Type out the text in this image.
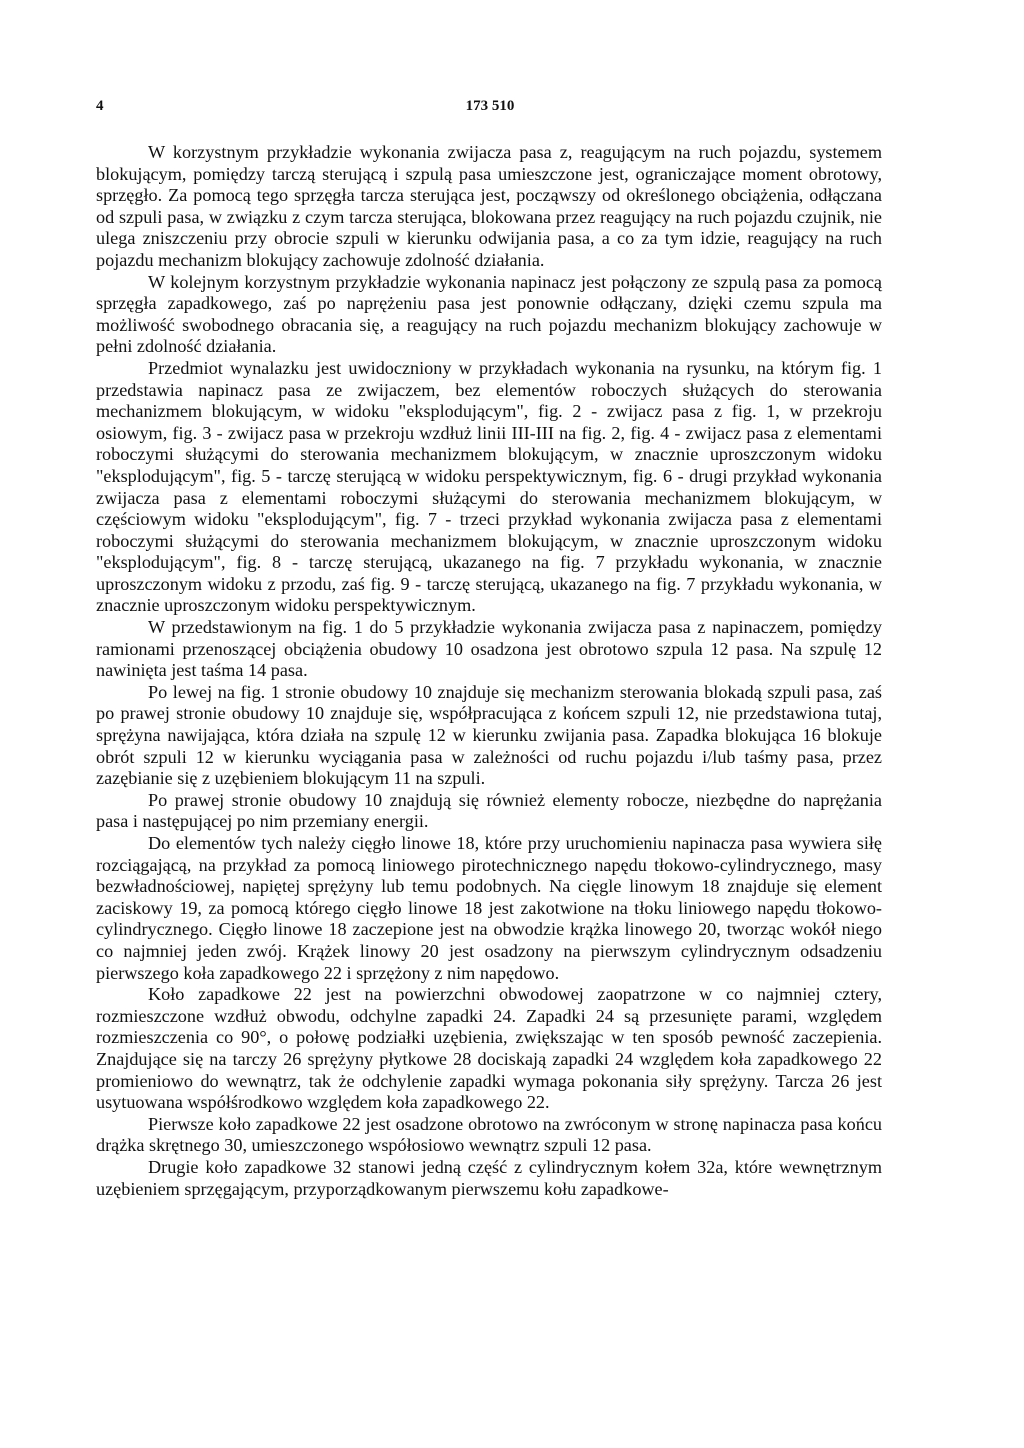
4	173 510

W korzystnym przykładzie wykonania zwijacza pasa z, reagującym na ruch pojazdu, systemem blokującym, pomiędzy tarczą sterującą i szpulą pasa umieszczone jest, ograniczające moment obrotowy, sprzęgło. Za pomocą tego sprzęgła tarcza sterująca jest, począwszy od określonego obciążenia, odłączana od szpuli pasa, w związku z czym tarcza sterująca, blokowana przez reagujący na ruch pojazdu czujnik, nie ulega zniszczeniu przy obrocie szpuli w kierunku odwijania pasa, a co za tym idzie, reagujący na ruch pojazdu mechanizm blokujący zachowuje zdolność działania.

W kolejnym korzystnym przykładzie wykonania napinacz jest połączony ze szpulą pasa za pomocą sprzęgła zapadkowego, zaś po naprężeniu pasa jest ponownie odłączany, dzięki czemu szpula ma możliwość swobodnego obracania się, a reagujący na ruch pojazdu mechanizm blokujący zachowuje w pełni zdolność działania.

Przedmiot wynalazku jest uwidoczniony w przykładach wykonania na rysunku, na którym fig. 1 przedstawia napinacz pasa ze zwijaczem, bez elementów roboczych służących do sterowania mechanizmem blokującym, w widoku "eksplodującym", fig. 2 - zwijacz pasa z fig. 1, w przekroju osiowym, fig. 3 - zwijacz pasa w przekroju wzdłuż linii III-III na fig. 2, fig. 4 - zwijacz pasa z elementami roboczymi służącymi do sterowania mechanizmem blokującym, w znacznie uproszczonym widoku "eksplodującym", fig. 5 - tarczę sterującą w widoku perspektywicznym, fig. 6 - drugi przykład wykonania zwijacza pasa z elementami roboczymi służącymi do sterowania mechanizmem blokującym, w częściowym widoku "eksplodującym", fig. 7 - trzeci przykład wykonania zwijacza pasa z elementami roboczymi służącymi do sterowania mechanizmem blokującym, w znacznie uproszczonym widoku "eksplodującym", fig. 8 - tarczę sterującą, ukazanego na fig. 7 przykładu wykonania, w znacznie uproszczonym widoku z przodu, zaś fig. 9 - tarczę sterującą, ukazanego na fig. 7 przykładu wykonania, w znacznie uproszczonym widoku perspektywicznym.

W przedstawionym na fig. 1 do 5 przykładzie wykonania zwijacza pasa z napinaczem, pomiędzy ramionami przenoszącej obciążenia obudowy 10 osadzona jest obrotowo szpula 12 pasa. Na szpulę 12 nawinięta jest taśma 14 pasa.

Po lewej na fig. 1 stronie obudowy 10 znajduje się mechanizm sterowania blokadą szpuli pasa, zaś po prawej stronie obudowy 10 znajduje się, współpracująca z końcem szpuli 12, nie przedstawiona tutaj, sprężyna nawijająca, która działa na szpulę 12 w kierunku zwijania pasa. Zapadka blokująca 16 blokuje obrót szpuli 12 w kierunku wyciągania pasa w zależności od ruchu pojazdu i/lub taśmy pasa, przez zazębianie się z uzębieniem blokującym 11 na szpuli.

Po prawej stronie obudowy 10 znajdują się również elementy robocze, niezbędne do naprężania pasa i następującej po nim przemiany energii.

Do elementów tych należy cięgło linowe 18, które przy uruchomieniu napinacza pasa wywiera siłę rozciągającą, na przykład za pomocą liniowego pirotechnicznego napędu tłokowo-cylindrycznego, masy bezwładnościowej, napiętej sprężyny lub temu podobnych. Na cięgle linowym 18 znajduje się element zaciskowy 19, za pomocą którego cięgło linowe 18 jest zakotwione na tłoku liniowego napędu tłokowo-cylindrycznego. Cięgło linowe 18 zaczepione jest na obwodzie krążka linowego 20, tworząc wokół niego co najmniej jeden zwój. Krążek linowy 20 jest osadzony na pierwszym cylindrycznym odsadzeniu pierwszego koła zapadkowego 22 i sprzężony z nim napędowo.

Koło zapadkowe 22 jest na powierzchni obwodowej zaopatrzone w co najmniej cztery, rozmieszczone wzdłuż obwodu, odchylne zapadki 24. Zapadki 24 są przesunięte parami, względem rozmieszczenia co 90°, o połowę podziałki uzębienia, zwiększając w ten sposób pewność zaczepienia. Znajdujące się na tarczy 26 sprężyny płytkowe 28 dociskają zapadki 24 względem koła zapadkowego 22 promieniowo do wewnątrz, tak że odchylenie zapadki wymaga pokonania siły sprężyny. Tarcza 26 jest usytuowana współśrodkowo względem koła zapadkowego 22.

Pierwsze koło zapadkowe 22 jest osadzone obrotowo na zwróconym w stronę napinacza pasa końcu drążka skrętnego 30, umieszczonego współosiowo wewnątrz szpuli 12 pasa.

Drugie koło zapadkowe 32 stanowi jedną część z cylindrycznym kołem 32a, które wewnętrznym uzębieniem sprzęgającym, przyporządkowanym pierwszemu kołu zapadkowe-
